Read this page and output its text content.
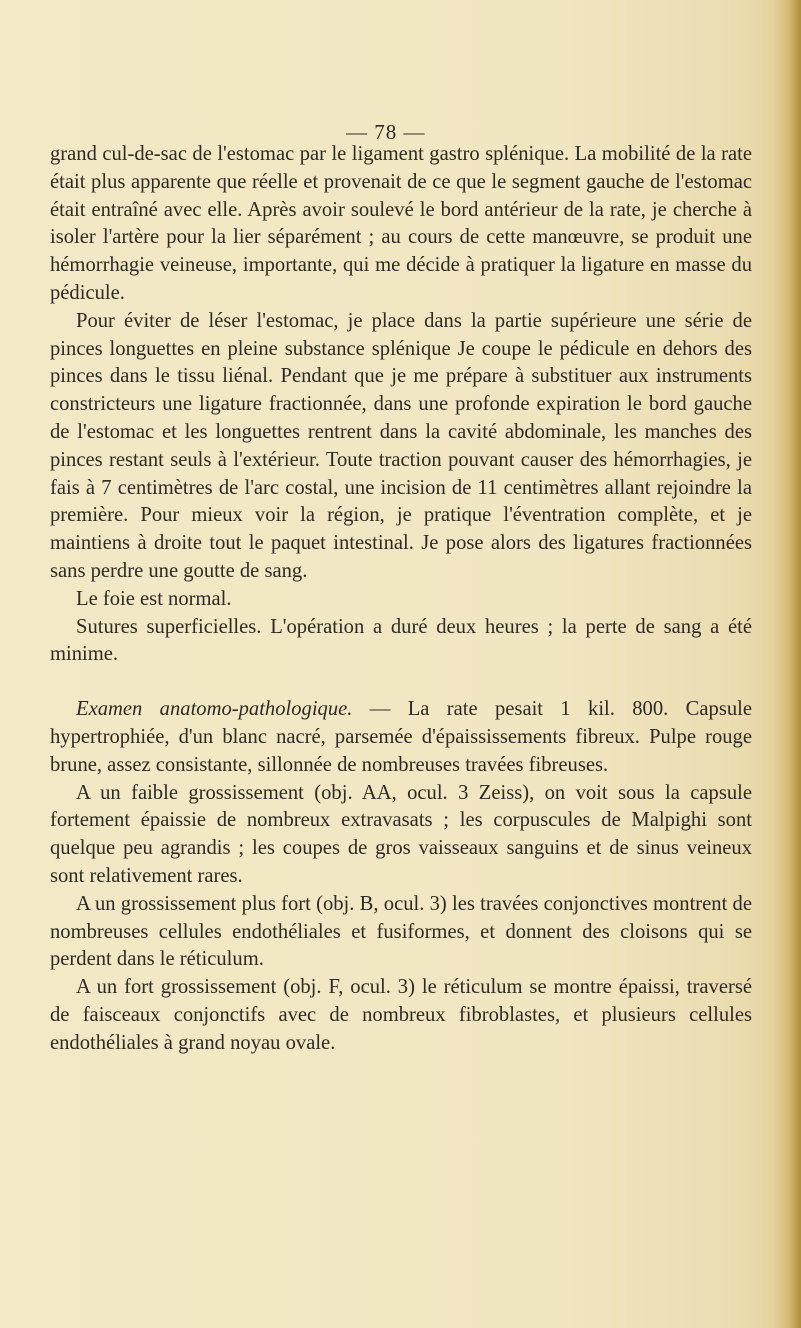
— 78 —

grand cul-de-sac de l'estomac par le ligament gastro splénique. La mobilité de la rate était plus apparente que réelle et provenait de ce que le segment gauche de l'estomac était entraîné avec elle. Après avoir soulevé le bord antérieur de la rate, je cherche à isoler l'artère pour la lier séparément ; au cours de cette manœuvre, se produit une hémorrhagie veineuse, importante, qui me décide à pratiquer la ligature en masse du pédicule.

Pour éviter de léser l'estomac, je place dans la partie supérieure une série de pinces longuettes en pleine substance splénique Je coupe le pédicule en dehors des pinces dans le tissu liénal. Pendant que je me prépare à substituer aux instruments constricteurs une ligature fractionnée, dans une profonde expiration le bord gauche de l'estomac et les longuettes rentrent dans la cavité abdominale, les manches des pinces restant seuls à l'extérieur. Toute traction pouvant causer des hémorrhagies, je fais à 7 centimètres de l'arc costal, une incision de 11 centimètres allant rejoindre la première. Pour mieux voir la région, je pratique l'éventration complète, et je maintiens à droite tout le paquet intestinal. Je pose alors des ligatures fractionnées sans perdre une goutte de sang.

Le foie est normal.

Sutures superficielles. L'opération a duré deux heures ; la perte de sang a été minime.

Examen anatomo-pathologique. — La rate pesait 1 kil. 800. Capsule hypertrophiée, d'un blanc nacré, parsemée d'épaississements fibreux. Pulpe rouge brune, assez consistante, sillonnée de nombreuses travées fibreuses.

A un faible grossissement (obj. AA, ocul. 3 Zeiss), on voit sous la capsule fortement épaissie de nombreux extravasats ; les corpuscules de Malpighi sont quelque peu agrandis ; les coupes de gros vaisseaux sanguins et de sinus veineux sont relativement rares.

A un grossissement plus fort (obj. B, ocul. 3) les travées conjonctives montrent de nombreuses cellules endothéliales et fusiformes, et donnent des cloisons qui se perdent dans le réticulum.

A un fort grossissement (obj. F, ocul. 3) le réticulum se montre épaissi, traversé de faisceaux conjonctifs avec de nombreux fibroblastes, et plusieurs cellules endothéliales à grand noyau ovale.
